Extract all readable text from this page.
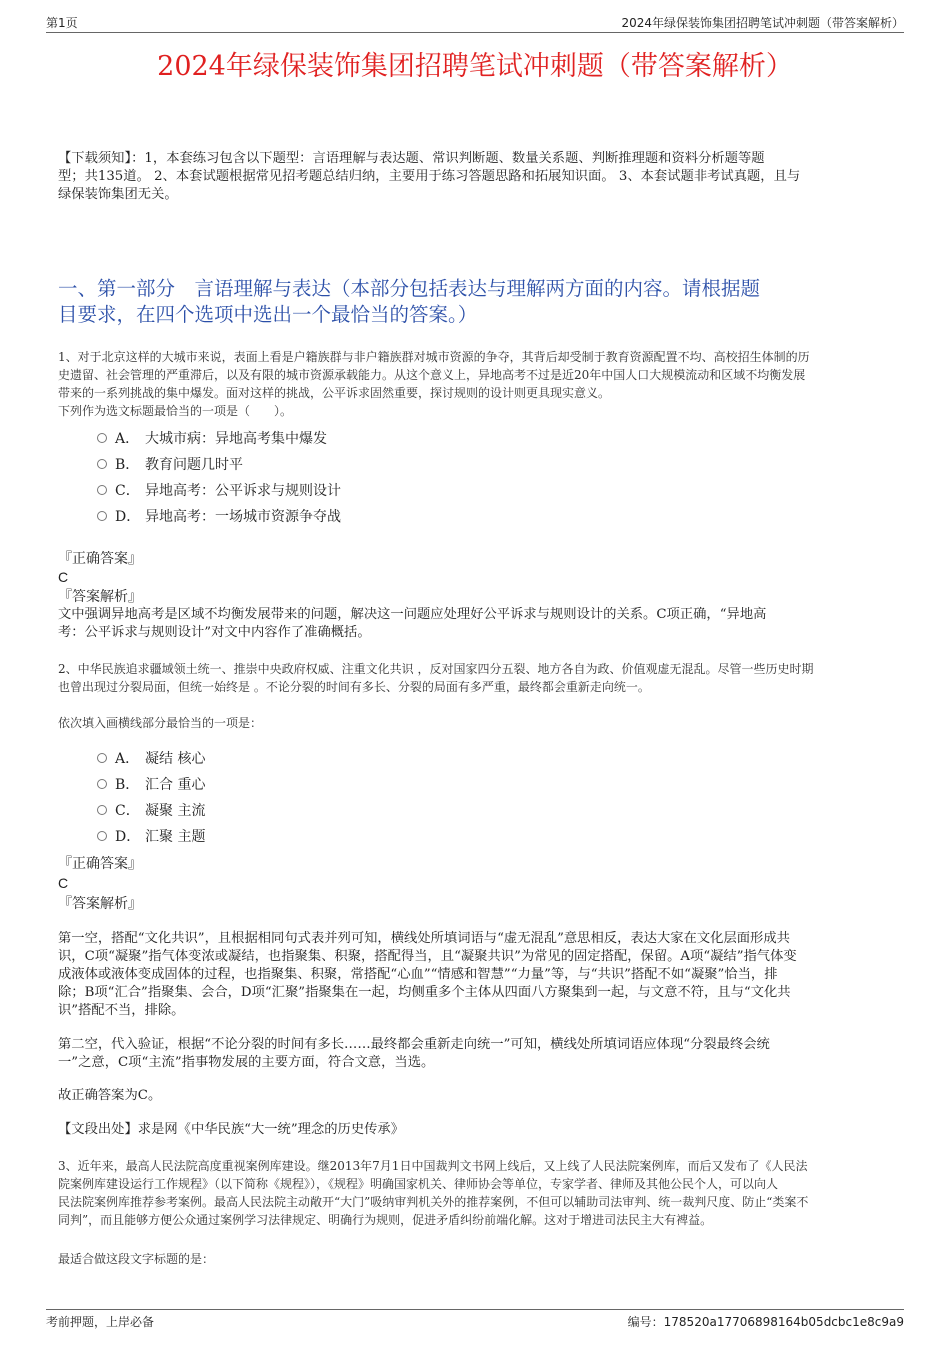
第1页	2024年绿保装饰集团招聘笔试冲刺题（带答案解析）
2024年绿保装饰集团招聘笔试冲刺题（带答案解析）
【下载须知】：1，本套练习包含以下题型：言语理解与表达题、常识判断题、数量关系题、判断推理题和资料分析题等题
型；共135道。 2、本套试题根据常见招考题总结归纳，主要用于练习答题思路和拓展知识面。 3、本套试题非考试真题，且与
绿保装饰集团无关。
一、第一部分　言语理解与表达（本部分包括表达与理解两方面的内容。请根据题
目要求，在四个选项中选出一个最恰当的答案。）
1、对于北京这样的大城市来说，表面上看是户籍族群与非户籍族群对城市资源的争夺，其背后却受制于教育资源配置不均、高校招生体制的历
史遗留、社会管理的严重滞后，以及有限的城市资源承载能力。从这个意义上，异地高考不过是近20年中国人口大规模流动和区域不均衡发展
带来的一系列挑战的集中爆发。面对这样的挑战，公平诉求固然重要，探讨规则的设计则更具现实意义。
下列作为选文标题最恰当的一项是（　　）。
A． 大城市病：异地高考集中爆发
B． 教育问题几时平
C． 异地高考：公平诉求与规则设计
D． 异地高考：一场城市资源争夺战
『正确答案』
C
『答案解析』
文中强调异地高考是区域不均衡发展带来的问题，解决这一问题应处理好公平诉求与规则设计的关系。C项正确，“异地高
考：公平诉求与规则设计”对文中内容作了准确概括。
2、中华民族追求疆域领土统一、推崇中央政府权威、注重文化共识 ，反对国家四分五裂、地方各自为政、价值观虚无混乱。尽管一些历史时期
也曾出现过分裂局面，但统一始终是 。不论分裂的时间有多长、分裂的局面有多严重，最终都会重新走向统一。
依次填入画横线部分最恰当的一项是：
A． 凝结 核心
B． 汇合 重心
C． 凝聚 主流
D． 汇聚 主题
『正确答案』
C
『答案解析』
第一空，搭配“文化共识”，且根据相同句式表并列可知，横线处所填词语与“虚无混乱”意思相反，表达大家在文化层面形成共
识，C项“凝聚”指气体变浓或凝结，也指聚集、积聚，搭配得当，且“凝聚共识”为常见的固定搭配，保留。A项“凝结”指气体变
成液体或液体变成固体的过程，也指聚集、积聚，常搭配“心血”“情感和智慧”“力量”等，与“共识”搭配不如“凝聚”恰当，排
除；B项“汇合”指聚集、会合，D项“汇聚”指聚集在一起，均侧重多个主体从四面八方聚集到一起，与文意不符，且与“文化共
识”搭配不当，排除。
第二空，代入验证，根据“不论分裂的时间有多长……最终都会重新走向统一”可知，横线处所填词语应体现“分裂最终会统
一”之意，C项“主流”指事物发展的主要方面，符合文意，当选。
故正确答案为C。
【文段出处】求是网《中华民族“大一统”理念的历史传承》
3、近年来，最高人民法院高度重视案例库建设。继2013年7月1日中国裁判文书网上线后，又上线了人民法院案例库，而后又发布了《人民法
院案例库建设运行工作规程》（以下简称《规程》），《规程》明确国家机关、律师协会等单位，专家学者、律师及其他公民个人，可以向人
民法院案例库推荐参考案例。最高人民法院主动敞开“大门”吸纳审判机关外的推荐案例，不但可以辅助司法审判、统一裁判尺度、防止“类案不
同判”，而且能够方便公众通过案例学习法律规定、明确行为规则，促进矛盾纠纷前端化解。这对于增进司法民主大有裨益。
最适合做这段文字标题的是：
考前押题，上岸必备	编号：178520a17706898164b05dcbc1e8c9a9
